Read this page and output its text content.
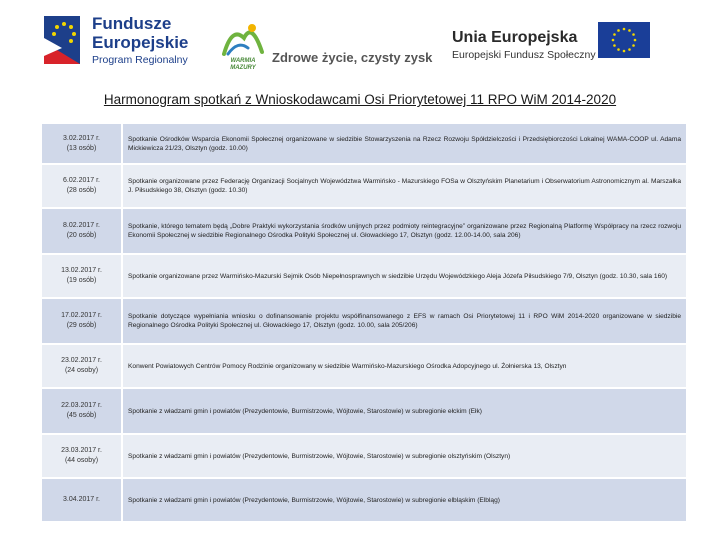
Fundusze
Europejskie
Program Regionalny	WARMIA
MAZURY
Zdrowe życie, czysty zysk
Unia Europejska
Europejski Fundusz Społeczny
Harmonogram spotkań z Wnioskodawcami Osi Priorytetowej 11 RPO WiM 2014-2020
3.02.2017 r.
(13 osób)	Spotkanie Ośrodków Wsparcia Ekonomii Społecznej organizowane w siedzibie Stowarzyszenia na Rzecz Rozwoju Spółdzielczości i Przedsiębiorczości Lokalnej WAMA-COOP ul. Adama Mickiewicza 21/23, Olsztyn (godz. 10.00)

6.02.2017 r.
(28 osób)	Spotkanie organizowane przez Federację Organizacji Socjalnych Województwa Warmińsko - Mazurskiego FOSa w Olsztyńskim Planetarium i Obserwatorium Astronomicznym al. Marszałka J. Piłsudskiego 38, Olsztyn (godz. 10.30)

8.02.2017 r.
(20 osób)	Spotkanie, którego tematem będą „Dobre Praktyki wykorzystania środków unijnych przez podmioty reintegracyjne” organizowane przez Regionalną Platformę Współpracy na rzecz rozwoju Ekonomii Społecznej w siedzibie Regionalnego Ośrodka Polityki Społecznej ul. Głowackiego 17, Olsztyn (godz. 12.00-14.00, sala 206)

13.02.2017 r.
(19 osób)	Spotkanie organizowane przez Warmińsko-Mazurski Sejmik Osób Niepełnosprawnych w siedzibie Urzędu Wojewódzkiego Aleja Józefa Piłsudskiego 7/9, Olsztyn (godz. 10.30, sala 160)

17.02.2017 r.
(29 osób)	Spotkanie dotyczące wypełniania wniosku o dofinansowanie projektu współfinansowanego z EFS w ramach Osi Priorytetowej 11 i RPO WiM 2014-2020 organizowane w siedzibie Regionalnego Ośrodka Polityki Społecznej ul. Głowackiego 17, Olsztyn (godz. 10.00, sala 205/206)

23.02.2017 r.
(24 osoby)	Konwent Powiatowych Centrów Pomocy Rodzinie organizowany w siedzibie Warmińsko-Mazurskiego Ośrodka Adopcyjnego ul. Żołnierska 13, Olsztyn

22.03.2017 r.
(45 osób)	Spotkanie z władzami gmin i powiatów (Prezydentowie, Burmistrzowie, Wójtowie, Starostowie) w subregionie ełckim (Ełk)

23.03.2017 r.
(44 osoby)	Spotkanie z władzami gmin i powiatów (Prezydentowie, Burmistrzowie, Wójtowie, Starostowie) w subregionie olsztyńskim (Olsztyn)

3.04.2017 r.	Spotkanie z władzami gmin i powiatów (Prezydentowie, Burmistrzowie, Wójtowie, Starostowie) w subregionie elbląskim (Elbląg)
